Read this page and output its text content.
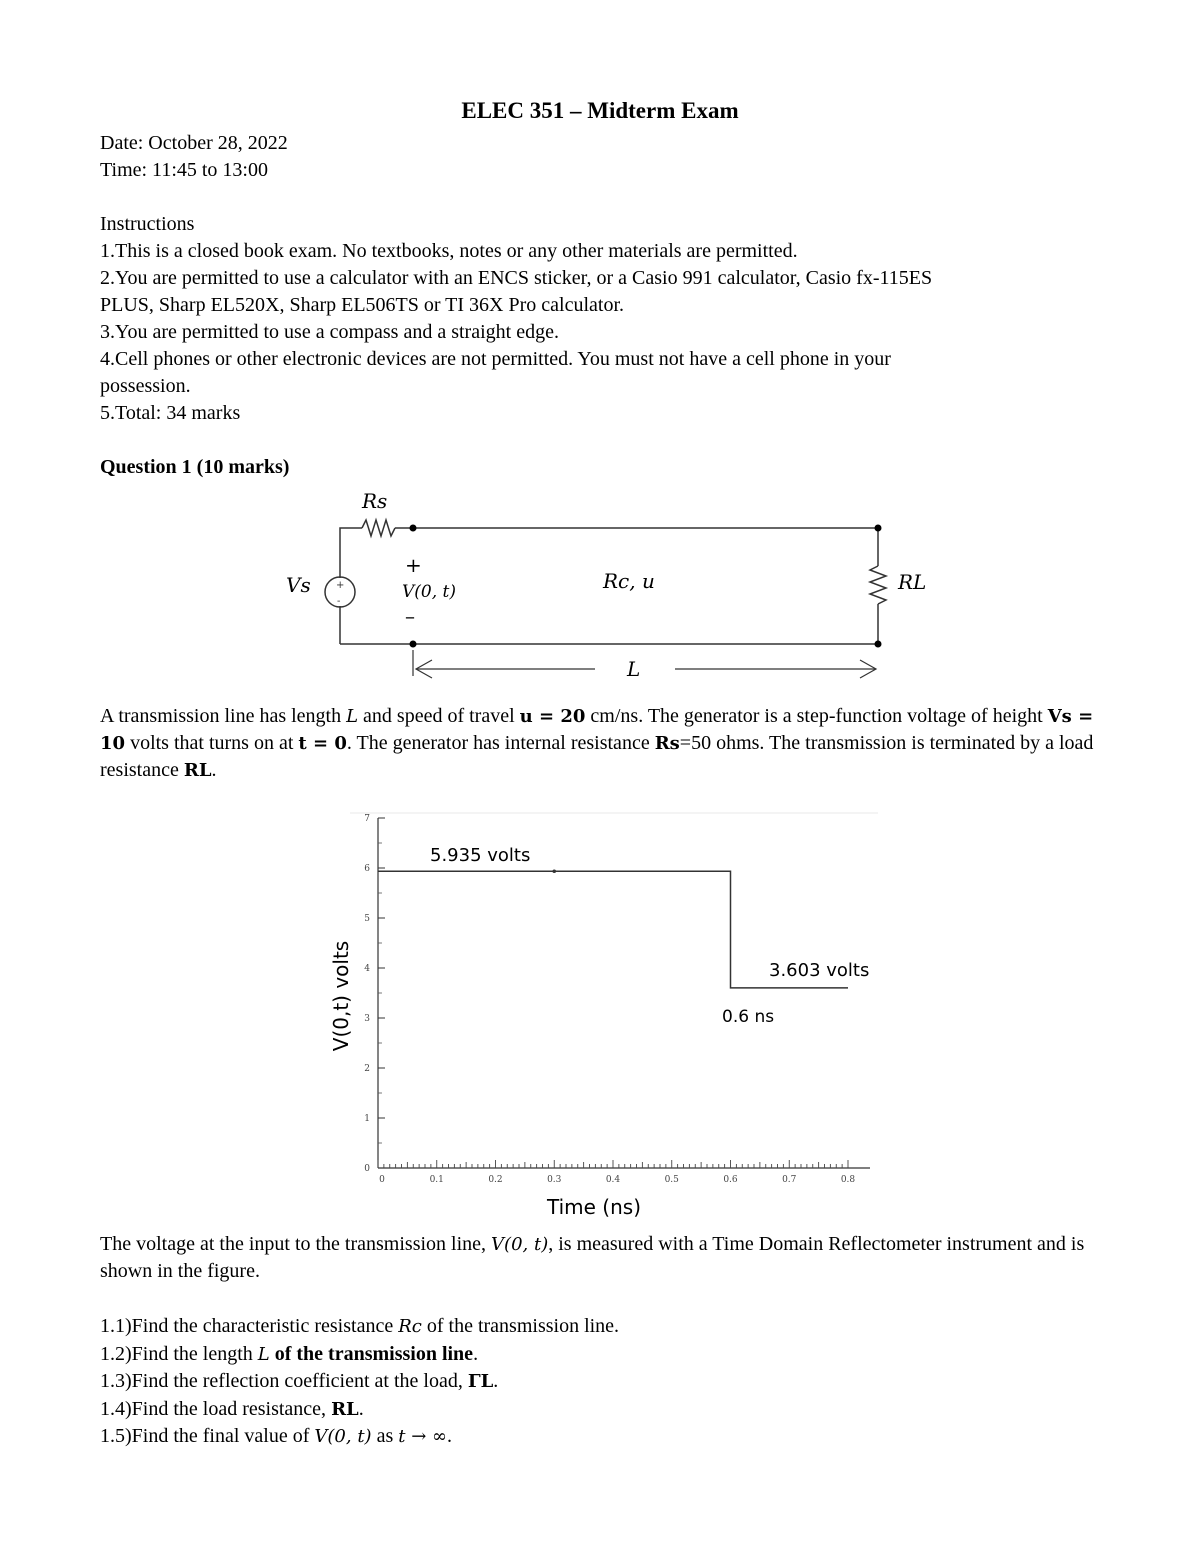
ELEC 351 – Midterm Exam
Date: October 28, 2022
Time: 11:45 to 13:00
Instructions
1.This is a closed book exam. No textbooks, notes or any other materials are permitted.
2.You are permitted to use a calculator with an ENCS sticker, or a Casio 991 calculator, Casio fx-115ES
PLUS, Sharp EL520X, Sharp EL506TS or TI 36X Pro calculator.
3.You are permitted to use a compass and a straight edge.
4.Cell phones or other electronic devices are not permitted. You must not have a cell phone in your
possession.
5.Total: 34 marks
Question 1 (10 marks)
+
-
Rs
Vs
+
V(0, t)
–
Rc, u	RL
L
A transmission line has length L and speed of travel u = 20 cm/ns. The generator is a step-function voltage of height Vs = 10 volts that turns on at t = 0. The generator has internal resistance Rs=50 ohms. The transmission is terminated by a load resistance RL.
0
1
2
3
4
5
6
7
0	0.1	0.2	0.3	0.4	0.5	0.6	0.7	0.8
5.935 volts
3.603 volts
0.6 ns
Time (ns)
V(0,t) volts
The voltage at the input to the transmission line, V(0, t), is measured with a Time Domain Reflectometer instrument and is shown in the figure.
1.1)Find the characteristic resistance Rc of the transmission line.
1.2)Find the length L of the transmission line.
1.3)Find the reflection coefficient at the load, ΓL.
1.4)Find the load resistance, RL.
1.5)Find the final value of V(0, t) as t → ∞.
